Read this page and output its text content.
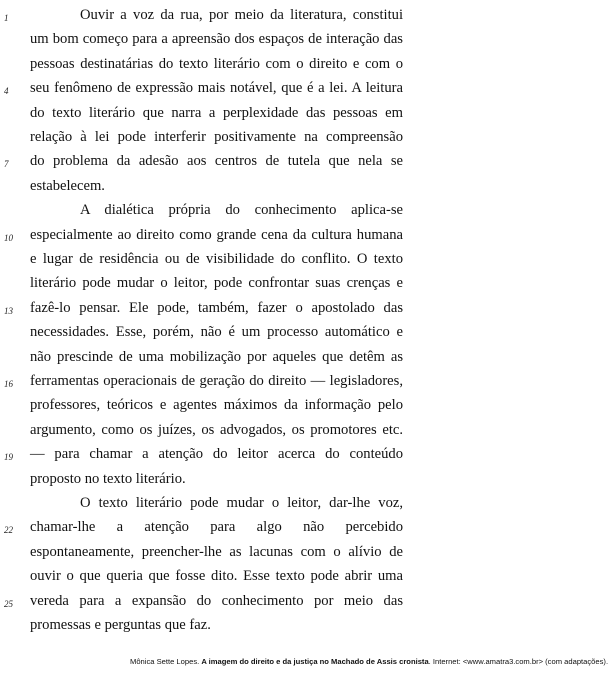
Ouvir a voz da rua, por meio da literatura, constitui
um bom começo para a apreensão dos espaços de interação das
pessoas destinatárias do texto literário com o direito e com o
seu fenômeno de expressão mais notável, que é a lei. A leitura
do texto literário que narra a perplexidade das pessoas em
relação à lei pode interferir positivamente na compreensão
do problema da adesão aos centros de tutela que nela se
estabelecem.
A dialética própria do conhecimento aplica-se
especialmente ao direito como grande cena da cultura humana
e lugar de residência ou de visibilidade do conflito. O texto
literário pode mudar o leitor, pode confrontar suas crenças e
fazê-lo pensar. Ele pode, também, fazer o apostolado das
necessidades. Esse, porém, não é um processo automático e
não prescinde de uma mobilização por aqueles que detêm as
ferramentas operacionais de geração do direito — legisladores,
professores, teóricos e agentes máximos da informação pelo
argumento, como os juízes, os advogados, os promotores etc.
— para chamar a atenção do leitor acerca do conteúdo
proposto no texto literário.
O texto literário pode mudar o leitor, dar-lhe voz,
chamar-lhe a atenção para algo não percebido
espontaneamente, preencher-lhe as lacunas com o alívio de
ouvir o que queria que fosse dito. Esse texto pode abrir uma
vereda para a expansão do conhecimento por meio das
promessas e perguntas que faz.
1
4
7
10
13
16
19
22
25
Mônica Sette Lopes. A imagem do direito e da justiça no Machado de Assis cronista. Internet: <www.amatra3.com.br> (com adaptações).
